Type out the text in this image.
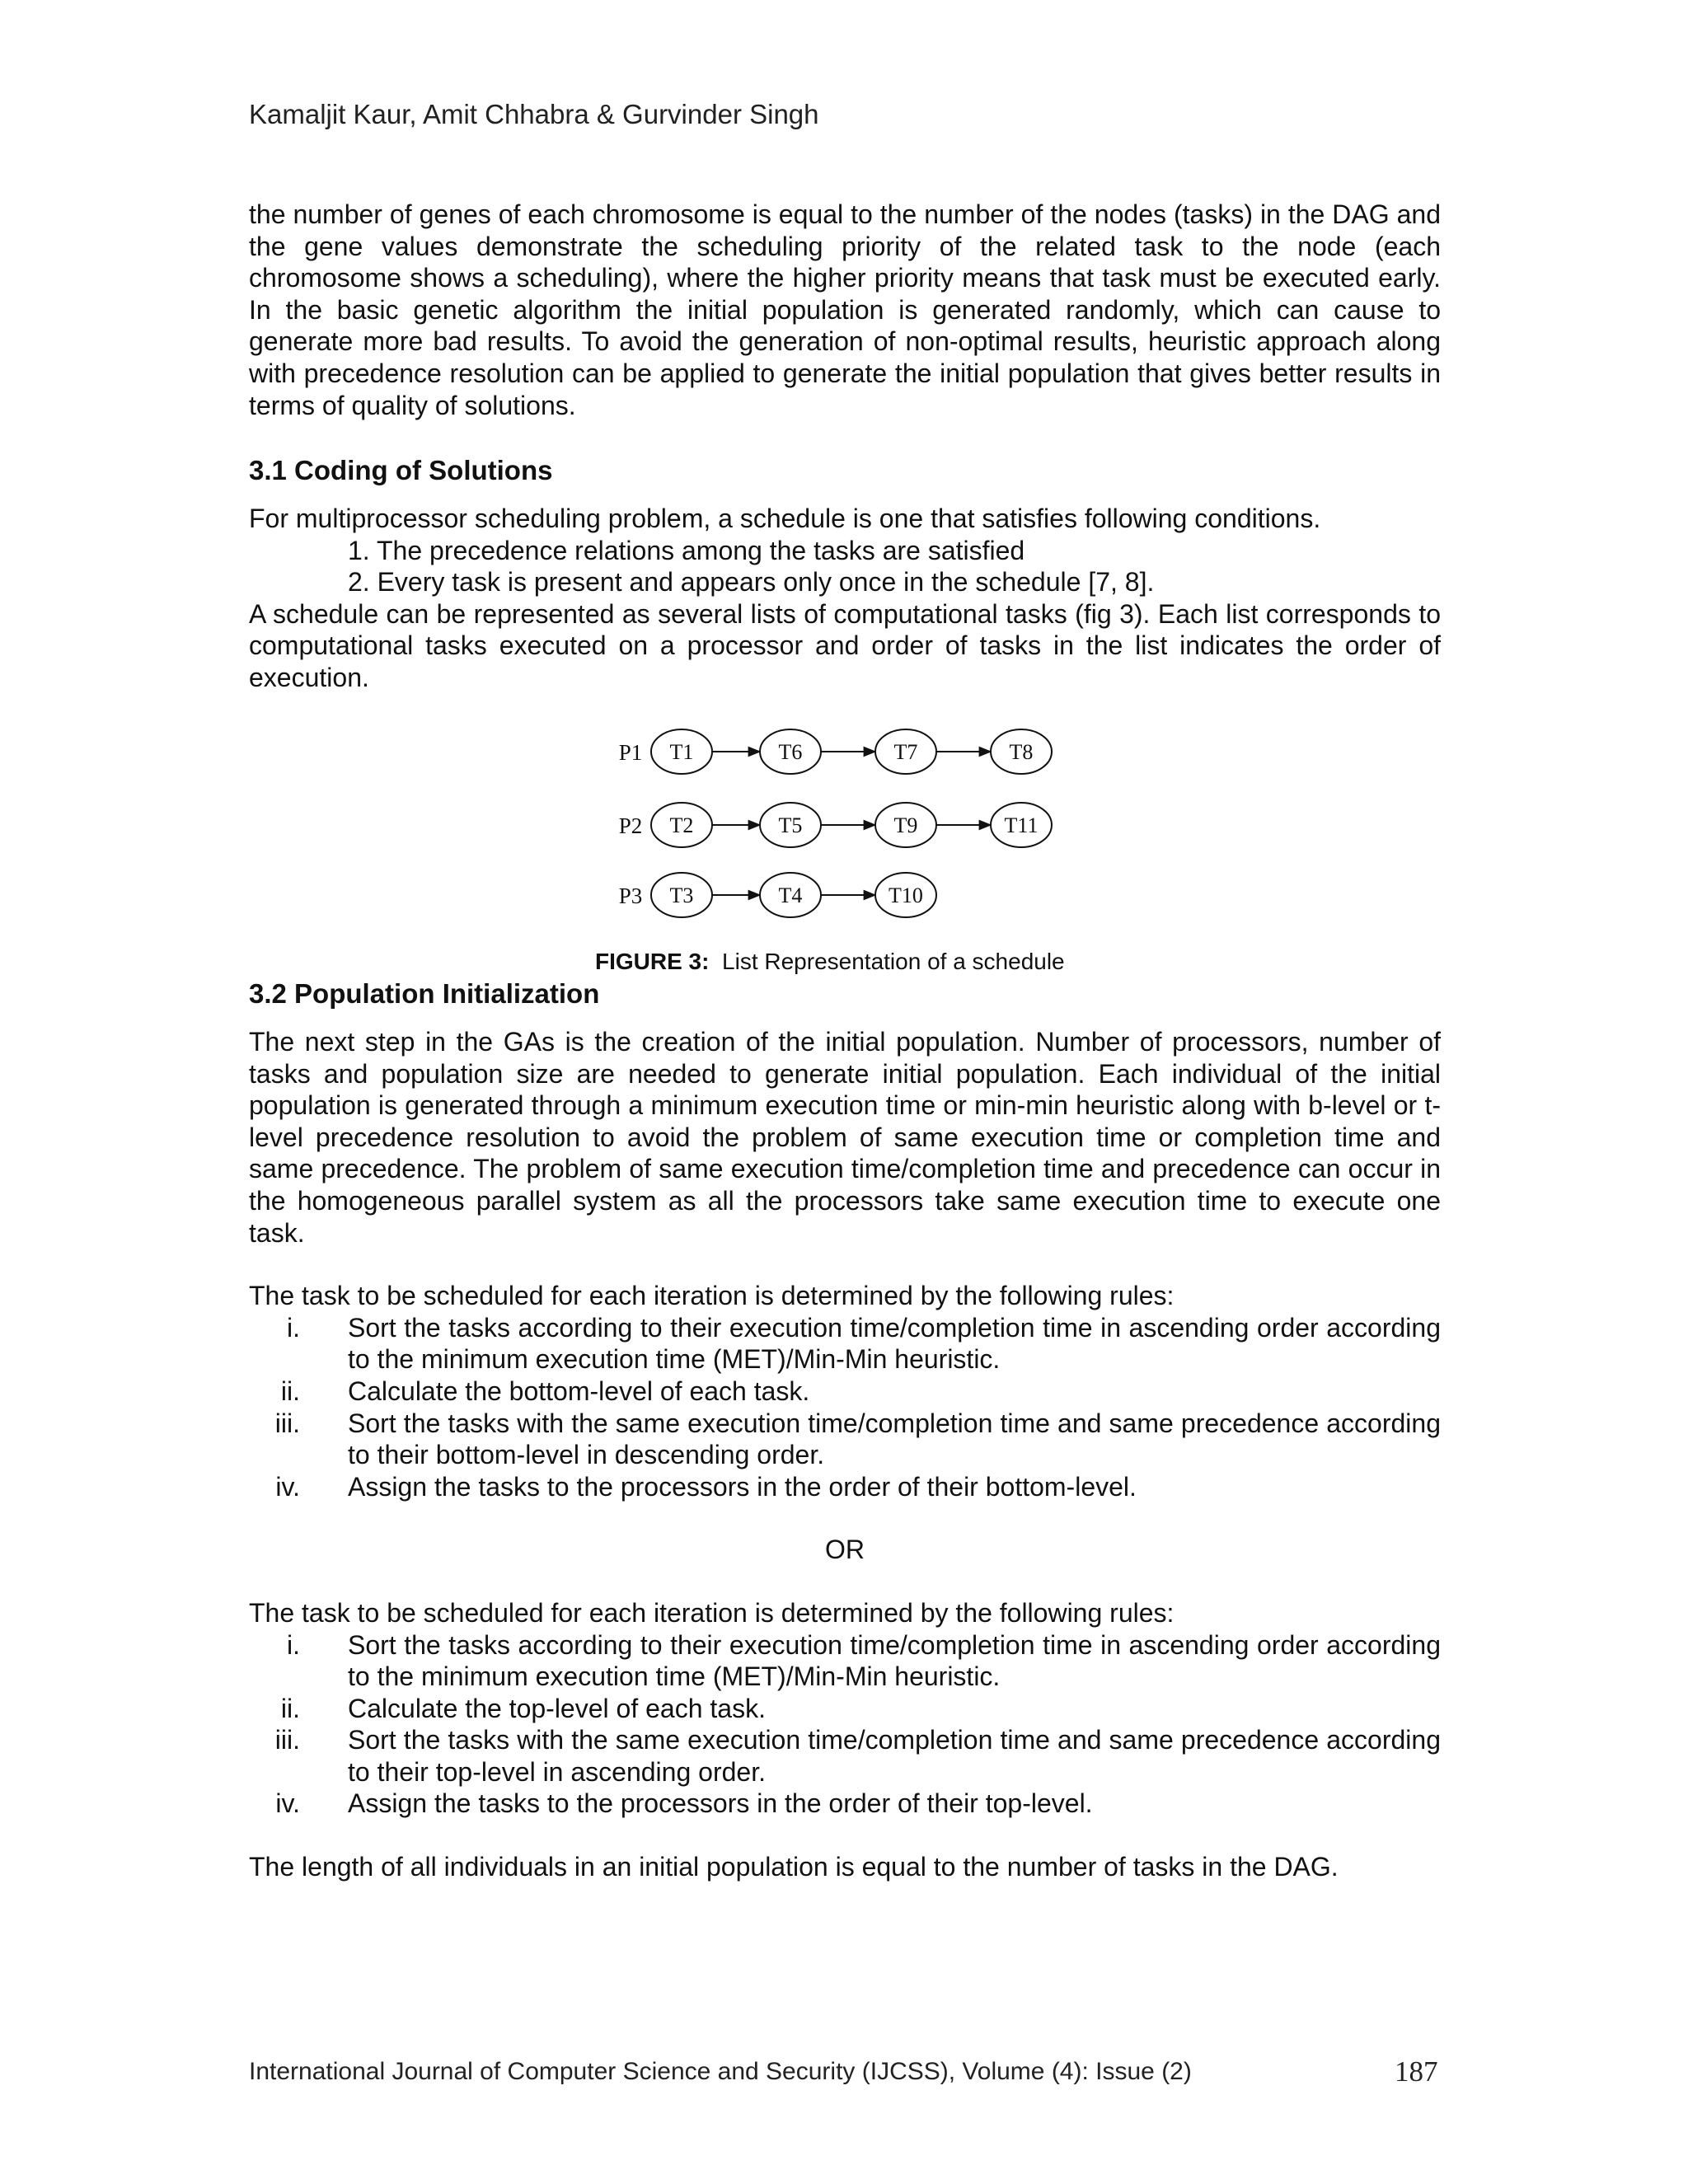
Kamaljit Kaur, Amit Chhabra & Gurvinder Singh

the number of genes of each chromosome is equal to the number of the nodes (tasks) in the DAG and the gene values demonstrate the scheduling priority of the related task to the node (each chromosome shows a scheduling), where the higher priority means that task must be executed early. In the basic genetic algorithm the initial population is generated randomly, which can cause to generate more bad results. To avoid the generation of non-optimal results, heuristic approach along with precedence resolution can be applied to generate the initial population that gives better results in terms of quality of solutions.

3.1 Coding of Solutions

For multiprocessor scheduling problem, a schedule is one that satisfies following conditions.

1. The precedence relations among the tasks are satisfied
2. Every task is present and appears only once in the schedule [7, 8].

A schedule can be represented as several lists of computational tasks (fig 3). Each list corresponds to computational tasks executed on a processor and order of tasks in the list indicates the order of execution.

P1 T1	T6	T7	T8
P2 T2	T5	T9	T11
P3 T3	T4	T10
FIGURE 3: List Representation of a schedule
3.2 Population Initialization

The next step in the GAs is the creation of the initial population. Number of processors, number of tasks and population size are needed to generate initial population. Each individual of the initial population is generated through a minimum execution time or min-min heuristic along with b-level or t-level precedence resolution to avoid the problem of same execution time or completion time and same precedence. The problem of same execution time/completion time and precedence can occur in the homogeneous parallel system as all the processors take same execution time to execute one task.

The task to be scheduled for each iteration is determined by the following rules:

i. Sort the tasks according to their execution time/completion time in ascending order according to the minimum execution time (MET)/Min-Min heuristic.
ii. Calculate the bottom-level of each task.
iii. Sort the tasks with the same execution time/completion time and same precedence according to their bottom-level in descending order.
iv. Assign the tasks to the processors in the order of their bottom-level.
OR

The task to be scheduled for each iteration is determined by the following rules:

i. Sort the tasks according to their execution time/completion time in ascending order according to the minimum execution time (MET)/Min-Min heuristic.
ii. Calculate the top-level of each task.
iii. Sort the tasks with the same execution time/completion time and same precedence according to their top-level in ascending order.
iv. Assign the tasks to the processors in the order of their top-level.

The length of all individuals in an initial population is equal to the number of tasks in the DAG.

International Journal of Computer Science and Security (IJCSS), Volume (4): Issue (2)	187
